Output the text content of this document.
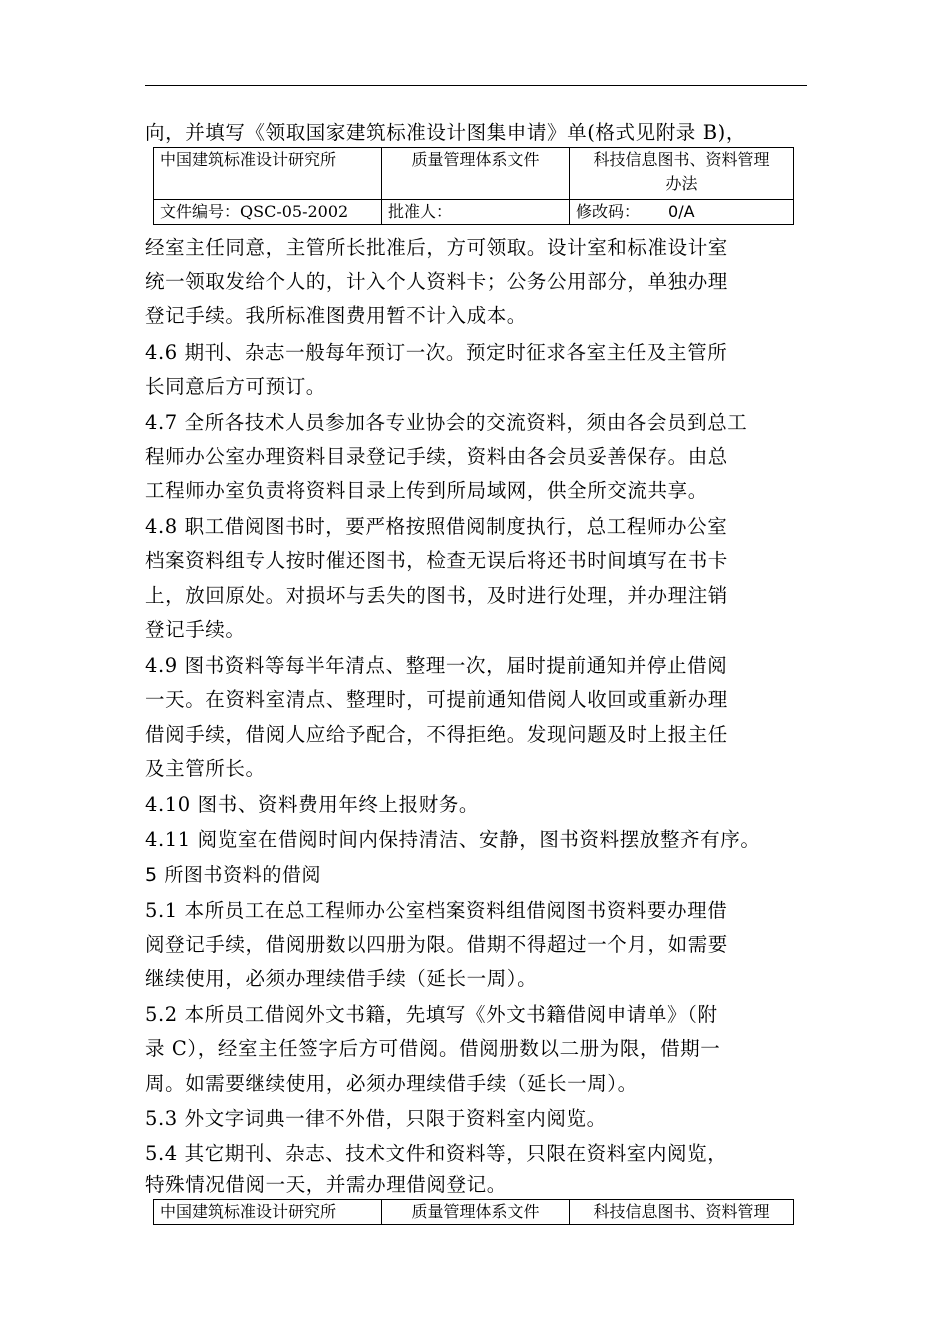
向，并填写《领取国家建筑标准设计图集申请》单(格式见附录 B)，
中国建筑标准设计研究所	质量管理体系文件	科技信息图书、资料管理
办法

文件编号：QSC-05-2002	批准人：	修改码： 0/A
经室主任同意，主管所长批准后，方可领取。设计室和标准设计室
统一领取发给个人的，计入个人资料卡；公务公用部分，单独办理
登记手续。我所标准图费用暂不计入成本。
4.6 期刊、杂志一般每年预订一次。预定时征求各室主任及主管所
长同意后方可预订。
4.7 全所各技术人员参加各专业协会的交流资料，须由各会员到总工
程师办公室办理资料目录登记手续，资料由各会员妥善保存。由总
工程师办室负责将资料目录上传到所局域网，供全所交流共享。
4.8 职工借阅图书时，要严格按照借阅制度执行，总工程师办公室
档案资料组专人按时催还图书，检查无误后将还书时间填写在书卡
上，放回原处。对损坏与丢失的图书，及时进行处理，并办理注销
登记手续。
4.9 图书资料等每半年清点、整理一次，届时提前通知并停止借阅
一天。在资料室清点、整理时，可提前通知借阅人收回或重新办理
借阅手续，借阅人应给予配合，不得拒绝。发现问题及时上报主任
及主管所长。
4.10 图书、资料费用年终上报财务。
4.11 阅览室在借阅时间内保持清洁、安静，图书资料摆放整齐有序。
5 所图书资料的借阅
5.1 本所员工在总工程师办公室档案资料组借阅图书资料要办理借
阅登记手续，借阅册数以四册为限。借期不得超过一个月，如需要
继续使用，必须办理续借手续（延长一周）。
5.2 本所员工借阅外文书籍，先填写《外文书籍借阅申请单》（附
录 C），经室主任签字后方可借阅。借阅册数以二册为限，借期一
周。如需要继续使用，必须办理续借手续（延长一周）。
5.3 外文字词典一律不外借，只限于资料室内阅览。
5.4 其它期刊、杂志、技术文件和资料等，只限在资料室内阅览，
特殊情况借阅一天，并需办理借阅登记。
中国建筑标准设计研究所	质量管理体系文件	科技信息图书、资料管理
